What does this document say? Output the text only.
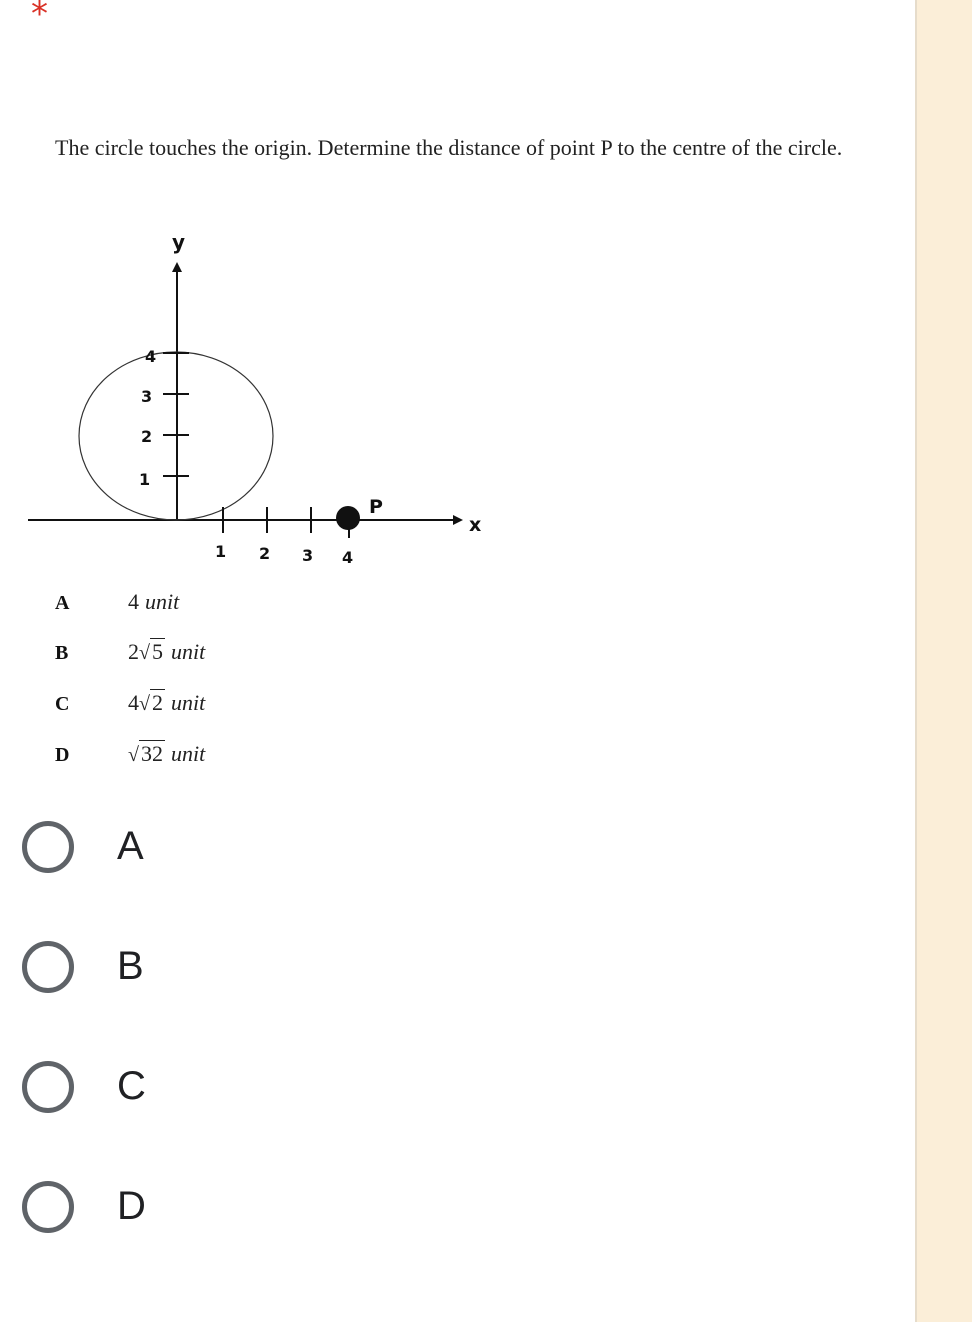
*
The circle touches the origin. Determine the distance of point P to the centre of the circle.
y
x
P
1
2
3
4
1 2 3 4
A	4 unit
B	2√5 unit
C	4√2 unit
D	√32 unit
A
B
C
D
